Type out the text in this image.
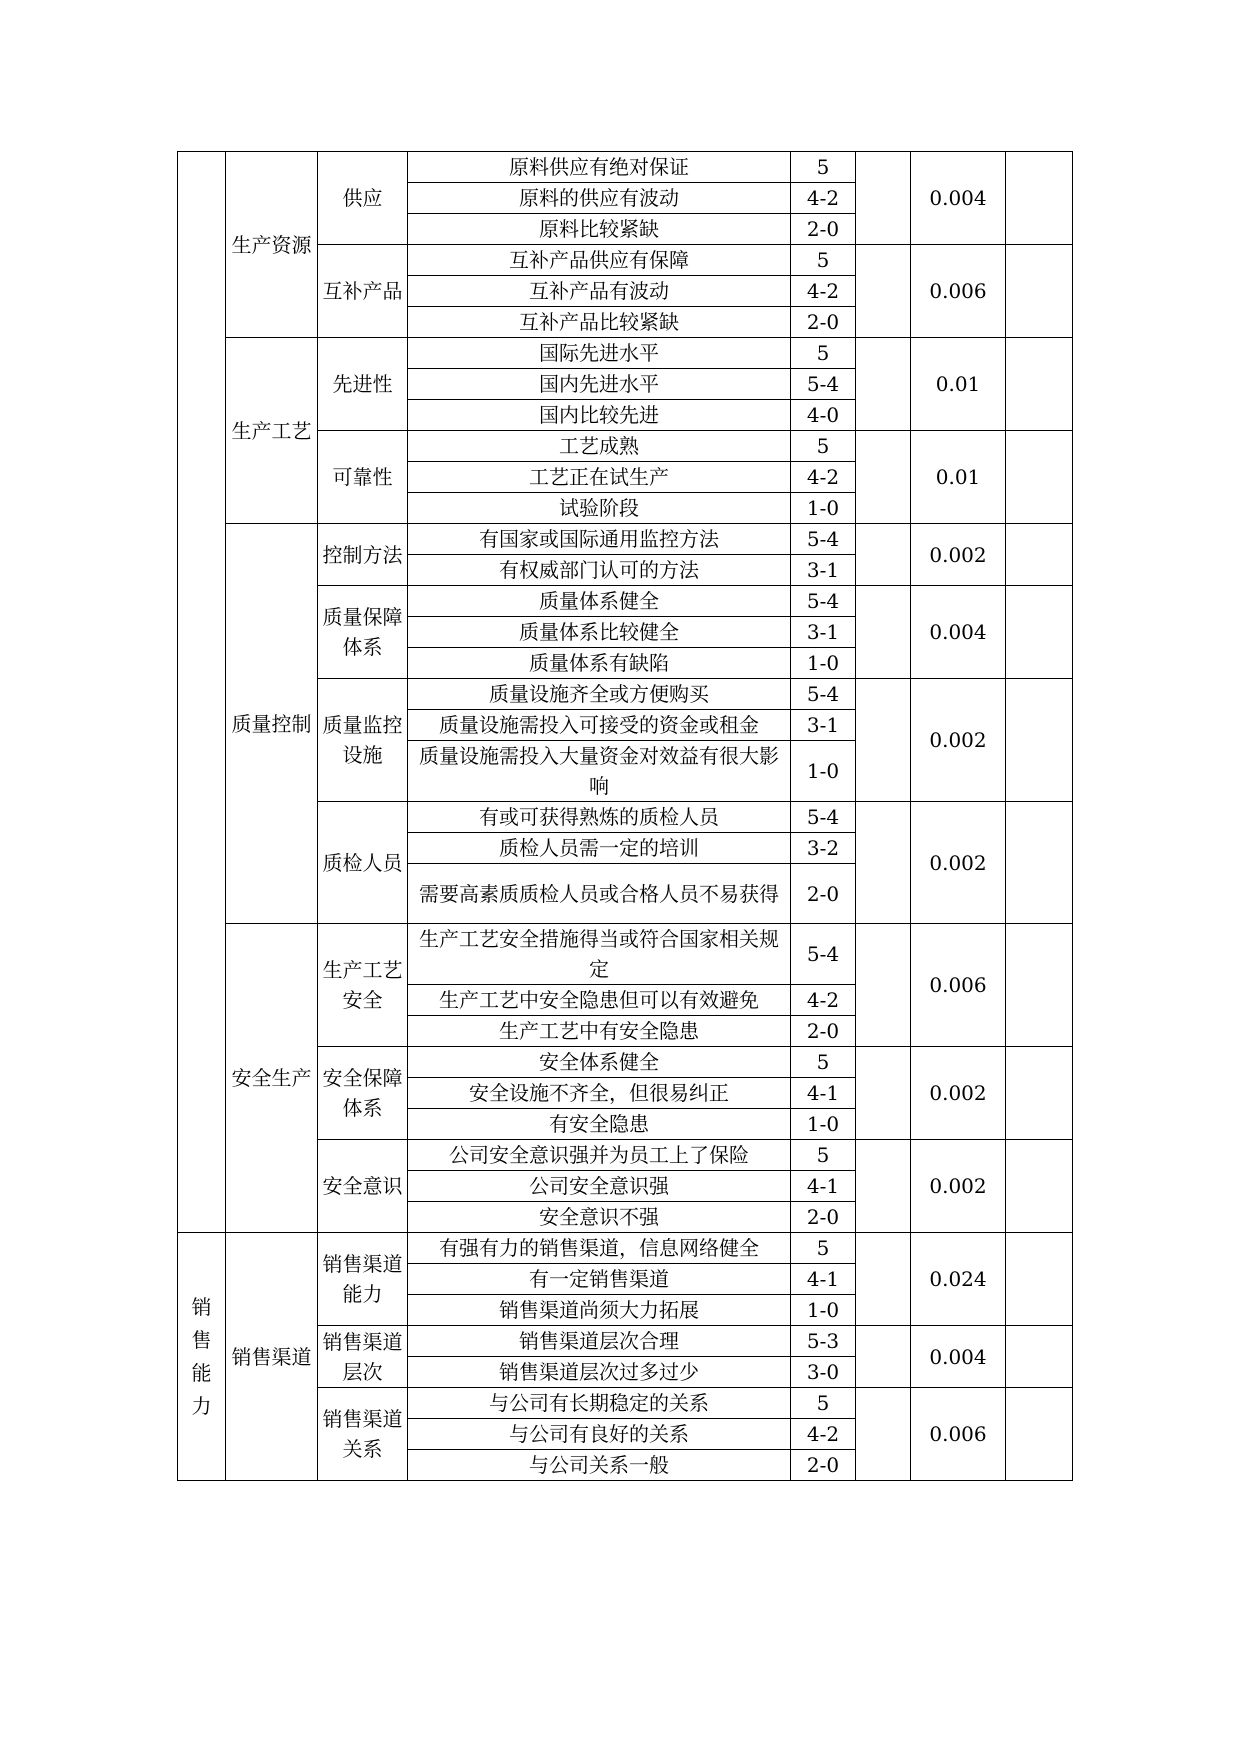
	生产资源	供应	原料供应有绝对保证	5		0.004	
			原料的供应有波动	4-2			
			原料比较紧缺	2-0			
		互补产品	互补产品供应有保障	5		0.006	
			互补产品有波动	4-2			
			互补产品比较紧缺	2-0			
	生产工艺	先进性	国际先进水平	5		0.01	
			国内先进水平	5-4			
			国内比较先进	4-0			
		可靠性	工艺成熟	5		0.01	
			工艺正在试生产	4-2			
			试验阶段	1-0			
	质量控制	控制方法	有国家或国际通用监控方法	5-4		0.002	
			有权威部门认可的方法	3-1			
		质量保障体系	质量体系健全	5-4		0.004	
			质量体系比较健全	3-1			
			质量体系有缺陷	1-0			
		质量监控设施	质量设施齐全或方便购买	5-4		0.002	
			质量设施需投入可接受的资金或租金	3-1			
			质量设施需投入大量资金对效益有很大影响	1-0			
		质检人员	有或可获得熟炼的质检人员	5-4		0.002	
			质检人员需一定的培训	3-2			
			需要高素质质检人员或合格人员不易获得	2-0			
	安全生产	生产工艺安全	生产工艺安全措施得当或符合国家相关规定	5-4		0.006	
			生产工艺中安全隐患但可以有效避免	4-2			
			生产工艺中有安全隐患	2-0			
		安全保障体系	安全体系健全	5		0.002	
			安全设施不齐全，但很易纠正	4-1			
			有安全隐患	1-0			
		安全意识	公司安全意识强并为员工上了保险	5		0.002	
			公司安全意识强	4-1			
			安全意识不强	2-0			

销售能力	销售渠道	销售渠道能力	有强有力的销售渠道，信息网络健全	5		0.024	
			有一定销售渠道	4-1			
			销售渠道尚须大力拓展	1-0			
		销售渠道层次	销售渠道层次合理	5-3		0.004	
			销售渠道层次过多过少	3-0			
		销售渠道关系	与公司有长期稳定的关系	5		0.006	
			与公司有良好的关系	4-2			
			与公司关系一般	2-0			
